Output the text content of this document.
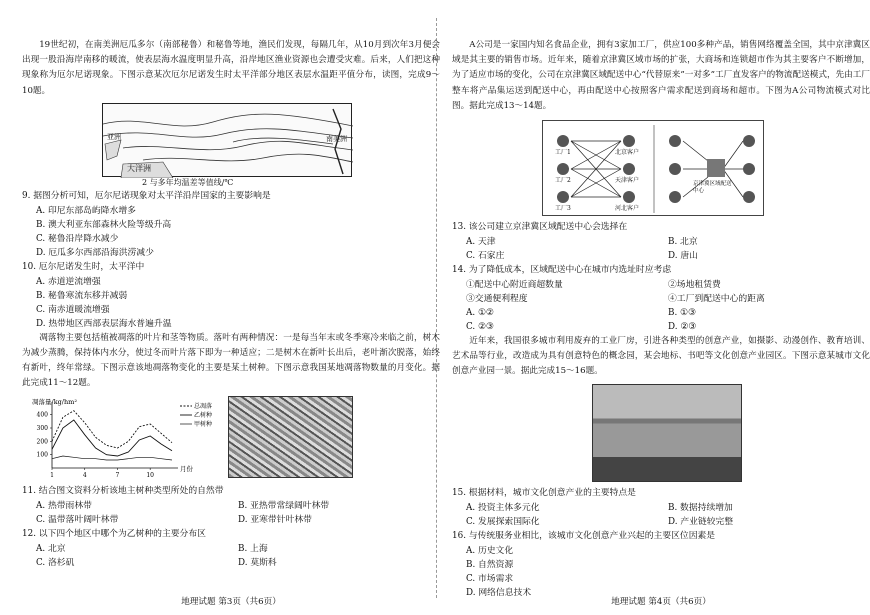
19世纪初，在南美洲厄瓜多尔（南部秘鲁）和秘鲁等地，渔民们发现，每隔几年，从10月到次年3月便会出现一股沿海岸南移的暖流，使表层海水温度明显升高，沿岸地区渔业资源也会遭受灾难。后来，人们把这种现象称为厄尔尼诺现象。下图示意某次厄尔尼诺发生时太平洋部分地区表层水温距平值分布，读图，完成9～10题。

亚洲	南美洲
大洋洲
2 与多年均温差等值线/℃
9. 据图分析可知，厄尔尼诺现象对太平洋沿岸国家的主要影响是
A. 印尼东部岛屿降水增多
B. 澳大利亚东部森林火险等级升高
C. 秘鲁沿岸降水减少
D. 厄瓜多尔西部沿海洪涝减少
10. 厄尔尼诺发生时，太平洋中
A. 赤道逆流增强
B. 秘鲁寒流东移并减弱
C. 南赤道暖流增强
D. 热带地区西部表层海水普遍升温

凋落物主要包括植被凋落的叶片和茎等物质。落叶有两种情况：一是每当年末或冬季寒冷来临之前，树木为减少蒸腾，保持体内水分，使过冬而叶片落下即为一种适应；二是树木在新叶长出后，老叶渐次脱落，始终有新叶，终年常绿。下图示意该地凋落物变化的主要是某土树种。下图示意我国某地凋落物数量的月变化。据此完成11～12题。

凋落量/kg/hm²
月份
100
200
300
400
1	4	7	10
总凋落
乙树种
甲树种
11. 结合图文资料分析该地主树种类型所处的自然带
A. 热带雨林带	B. 亚热带常绿阔叶林带
C. 温带落叶阔叶林带	D. 亚寒带针叶林带
12. 以下四个地区中哪个为乙树种的主要分布区
A. 北京	B. 上海
C. 洛杉矶	D. 莫斯科
地理试题 第3页（共6页）

A公司是一家国内知名食品企业，拥有3家加工厂，供应100多种产品，销售网络覆盖全国，其中京津冀区域是其主要的销售市场。近年来，随着京津冀区域市场的扩张，大商场和连锁超市作为其主要客户不断增加，为了适应市场的变化，公司在京津冀区域配送中心“代替原来”一对多”工厂直发客户的物流配送模式，先由工厂整车将产品集运送到配送中心，再由配送中心按照客户需求配送到商场和超市。下图为A公司物流模式对比图。据此完成13～14题。

工厂1
工厂2
工厂3
北京客户
天津客户
河北客户
京津冀区域配送中心
13. 该公司建立京津冀区域配送中心会选择在
A. 天津	B. 北京
C. 石家庄	D. 唐山
14. 为了降低成本，区域配送中心在城市内选址时应考虑
①配送中心附近商超数量	②场地租赁费
③交通便利程度	④工厂到配送中心的距离
A. ①②	B. ①③
C. ②③	D. ②③

近年来，我国很多城市利用废弃的工业厂房，引进各种类型的创意产业，如摄影、动漫创作、教育培训、艺术品等行业，改造成为具有创意特色的概念园，某会地标、书吧等文化创意产业园区。下图示意某城市文化创意产业园一景。据此完成15～16题。

15. 根据材料，城市文化创意产业的主要特点是
A. 投资主体多元化	B. 数据持续增加
C. 发展探索国际化	D. 产业链较完整
16. 与传统服务业相比，该城市文化创意产业兴起的主要区位因素是
A. 历史文化
B. 自然资源
C. 市场需求
D. 网络信息技术
地理试题 第4页（共6页）
